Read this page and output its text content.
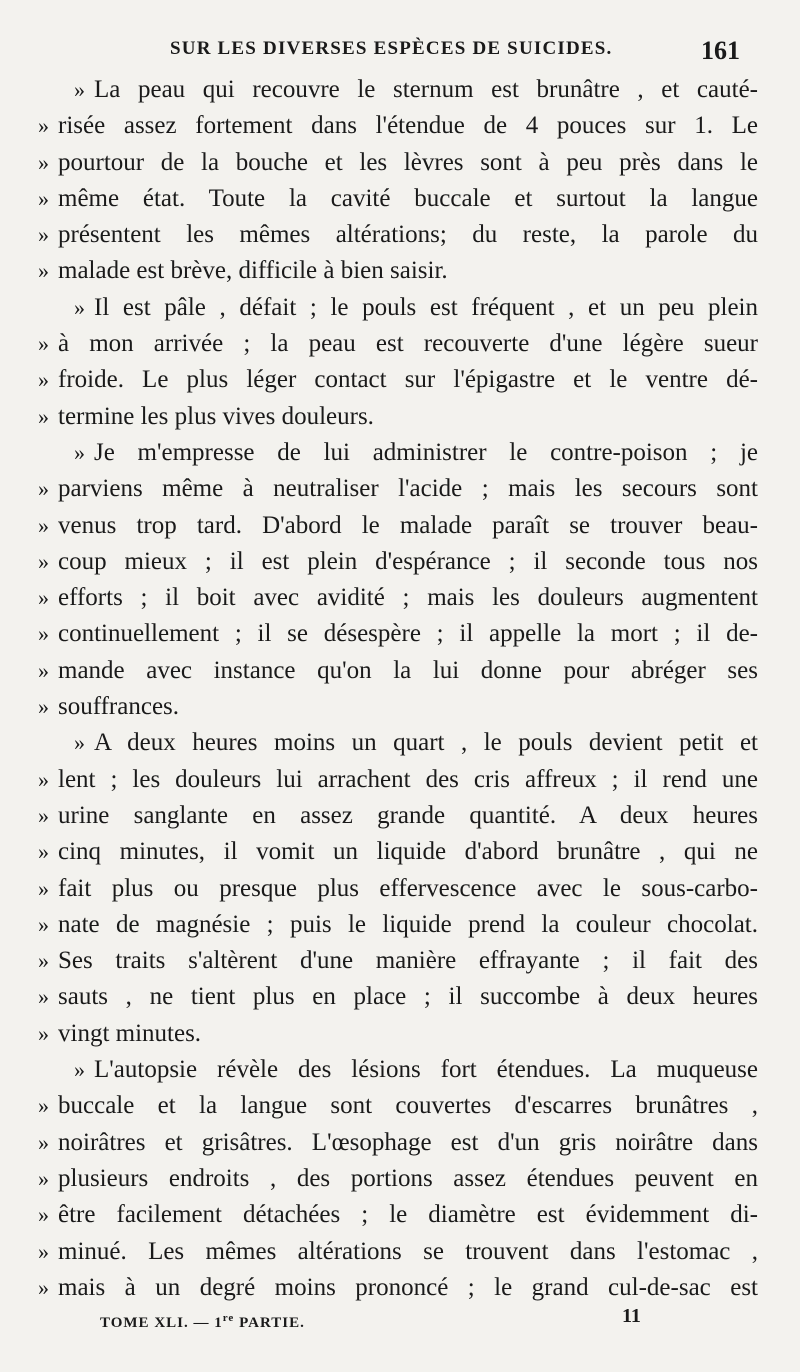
SUR LES DIVERSES ESPÈCES DE SUICIDES.	161
» La peau qui recouvre le sternum est brunâtre , et cauté-
» risée assez fortement dans l'étendue de 4 pouces sur 1. Le
» pourtour de la bouche et les lèvres sont à peu près dans le
» même état. Toute la cavité buccale et surtout la langue
» présentent les mêmes altérations; du reste, la parole du
» malade est brève, difficile à bien saisir.
» Il est pâle , défait ; le pouls est fréquent , et un peu plein
» à mon arrivée ; la peau est recouverte d'une légère sueur
» froide. Le plus léger contact sur l'épigastre et le ventre dé-
» termine les plus vives douleurs.
» Je m'empresse de lui administrer le contre-poison ; je
» parviens même à neutraliser l'acide ; mais les secours sont
» venus trop tard. D'abord le malade paraît se trouver beau-
» coup mieux ; il est plein d'espérance ; il seconde tous nos
» efforts ; il boit avec avidité ; mais les douleurs augmentent
» continuellement ; il se désespère ; il appelle la mort ; il de-
» mande avec instance qu'on la lui donne pour abréger ses
» souffrances.
» A deux heures moins un quart , le pouls devient petit et
» lent ; les douleurs lui arrachent des cris affreux ; il rend une
» urine sanglante en assez grande quantité. A deux heures
» cinq minutes, il vomit un liquide d'abord brunâtre , qui ne
» fait plus ou presque plus effervescence avec le sous-carbo-
» nate de magnésie ; puis le liquide prend la couleur chocolat.
» Ses traits s'altèrent d'une manière effrayante ; il fait des
» sauts , ne tient plus en place ; il succombe à deux heures
» vingt minutes.
» L'autopsie révèle des lésions fort étendues. La muqueuse
» buccale et la langue sont couvertes d'escarres brunâtres ,
» noirâtres et grisâtres. L'œsophage est d'un gris noirâtre dans
» plusieurs endroits , des portions assez étendues peuvent en
» être facilement détachées ; le diamètre est évidemment di-
» minué. Les mêmes altérations se trouvent dans l'estomac ,
» mais à un degré moins prononcé ; le grand cul-de-sac est
TOME XLI. — 1re PARTIE.	11
